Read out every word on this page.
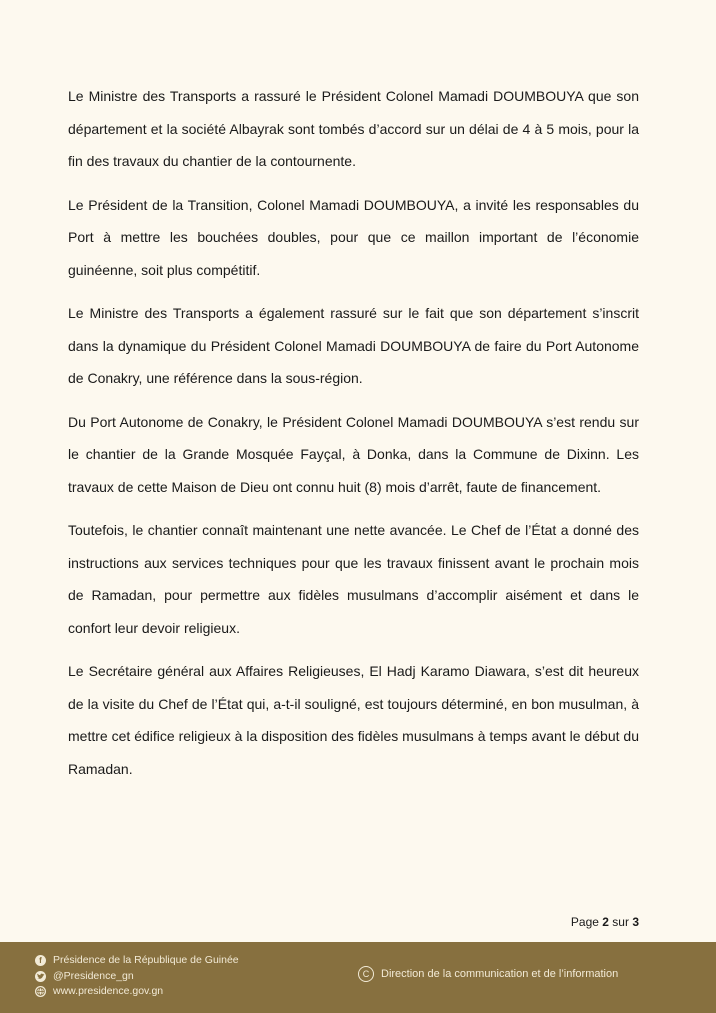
Le Ministre des Transports a rassuré le Président Colonel Mamadi DOUMBOUYA que son département et la société Albayrak sont tombés d’accord sur un délai de 4 à 5 mois, pour la fin des travaux du chantier de la contournente.

Le Président de la Transition, Colonel Mamadi DOUMBOUYA, a invité les responsables du Port à mettre les bouchées doubles, pour que ce maillon important de l’économie guinéenne, soit plus compétitif.

Le Ministre des Transports a également rassuré sur le fait que son département s’inscrit dans la dynamique du Président Colonel Mamadi DOUMBOUYA de faire du Port Autonome de Conakry, une référence dans la sous-région.

Du Port Autonome de Conakry, le Président Colonel Mamadi DOUMBOUYA s’est rendu sur le chantier de la Grande Mosquée Fayçal, à Donka, dans la Commune de Dixinn. Les travaux de cette Maison de Dieu ont connu huit (8) mois d’arrêt, faute de financement.

Toutefois, le chantier connaît maintenant une nette avancée. Le Chef de l’État a donné des instructions aux services techniques pour que les travaux finissent avant le prochain mois de Ramadan, pour permettre aux fidèles musulmans d’accomplir aisément et dans le confort leur devoir religieux.

Le Secrétaire général aux Affaires Religieuses, El Hadj Karamo Diawara, s’est dit heureux de la visite du Chef de l’État qui, a-t-il souligné, est toujours déterminé, en bon musulman, à mettre cet édifice religieux à la disposition des fidèles musulmans à temps avant le début du Ramadan.

Page 2 sur 3
f	Présidence de la République de Guinée
@Presidence_gn
www.presidence.gov.gn
C	Direction de la communication et de l’information
